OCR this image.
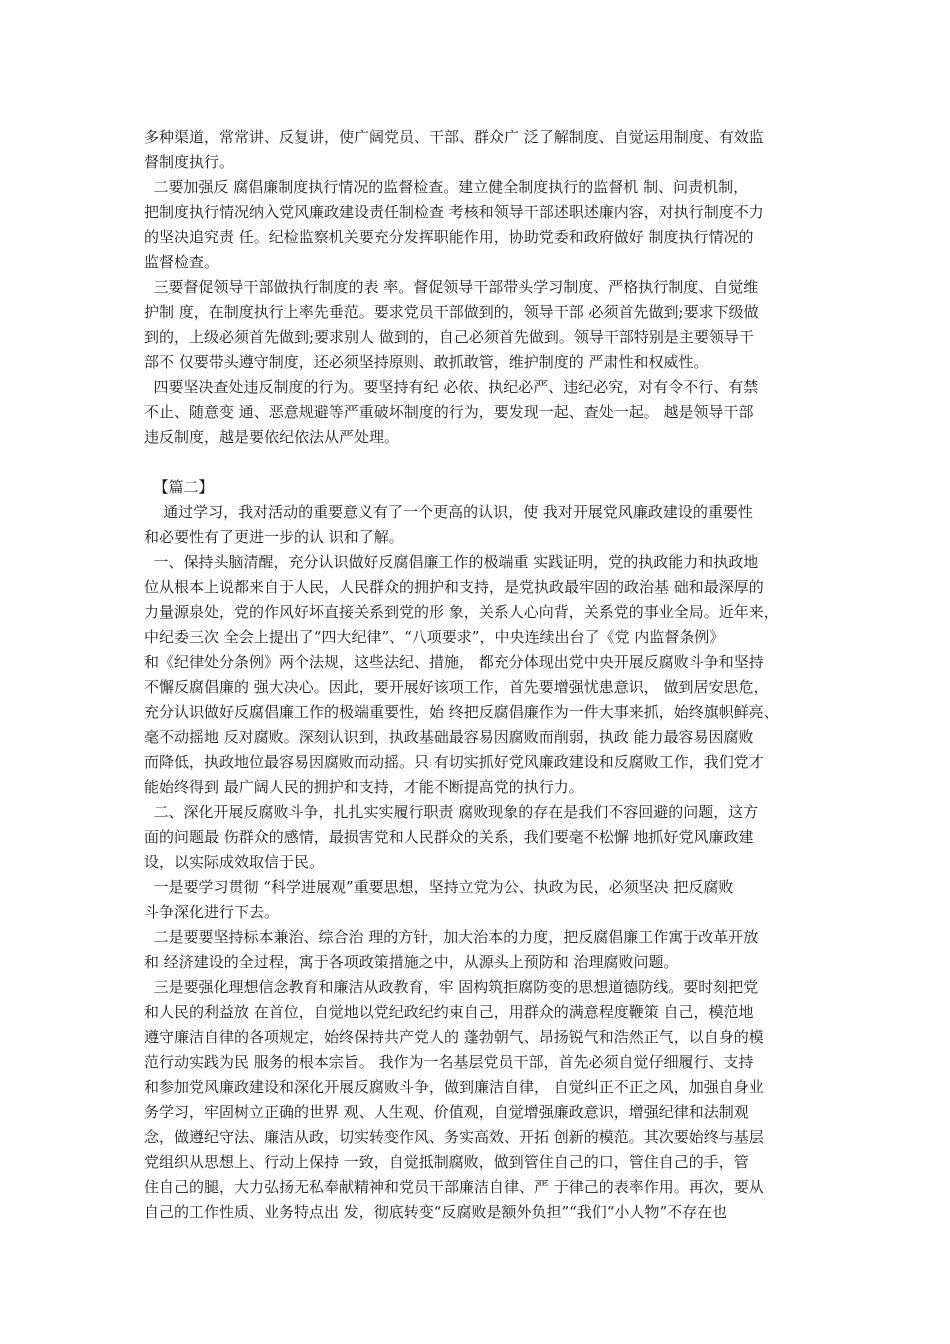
多种渠道，常常讲、反复讲，使广阔党员、干部、群众广 泛了解制度、自觉运用制度、有效监
督制度执行。
二要加强反 腐倡廉制度执行情况的监督检查。建立健全制度执行的监督机 制、问责机制，
把制度执行情况纳入党风廉政建设责任制检查 考核和领导干部述职述廉内容，对执行制度不力
的坚决追究责 任。纪检监察机关要充分发挥职能作用，协助党委和政府做好 制度执行情况的
监督检查。
三要督促领导干部做执行制度的表 率。督促领导干部带头学习制度、严格执行制度、自觉维
护制 度，在制度执行上率先垂范。要求党员干部做到的，领导干部 必须首先做到;要求下级做
到的，上级必须首先做到;要求别人 做到的，自己必须首先做到。领导干部特别是主要领导干
部不 仅要带头遵守制度，还必须坚持原则、敢抓敢管，维护制度的 严肃性和权威性。
四要坚决查处违反制度的行为。要坚持有纪 必依、执纪必严、违纪必究，对有令不行、有禁
不止、随意变 通、恶意规避等严重破坏制度的行为，要发现一起、查处一起。 越是领导干部
违反制度，越是要依纪依法从严处理。
【篇二】
通过学习，我对活动的重要意义有了一个更高的认识，使 我对开展党风廉政建设的重要性
和必要性有了更进一步的认 识和了解。
一、保持头脑清醒，充分认识做好反腐倡廉工作的极端重 实践证明，党的执政能力和执政地
位从根本上说都来自于人民，人民群众的拥护和支持，是党执政最牢固的政治基 础和最深厚的
力量源泉处，党的作风好坏直接关系到党的形 象，关系人心向背，关系党的事业全局。近年来，
中纪委三次 全会上提出了“四大纪律”、“八项要求”，中央连续出台了《党 内监督条例》
和《纪律处分条例》两个法规，这些法纪、措施， 都充分体现出党中央开展反腐败斗争和坚持
不懈反腐倡廉的 强大决心。因此，要开展好该项工作，首先要增强忧患意识， 做到居安思危，
充分认识做好反腐倡廉工作的极端重要性，始 终把反腐倡廉作为一件大事来抓，始终旗帜鲜亮、
毫不动摇地 反对腐败。深刻认识到，执政基础最容易因腐败而削弱，执政 能力最容易因腐败
而降低，执政地位最容易因腐败而动摇。只 有切实抓好党风廉政建设和反腐败工作，我们党才
能始终得到 最广阔人民的拥护和支持，才能不断提高党的执行力。
二、深化开展反腐败斗争，扎扎实实履行职责 腐败现象的存在是我们不容回避的问题，这方
面的问题最 伤群众的感情，最损害党和人民群众的关系，我们要毫不松懈 地抓好党风廉政建
设，以实际成效取信于民。
一是要学习贯彻 “科学进展观”重要思想，坚持立党为公、执政为民，必须坚决 把反腐败
斗争深化进行下去。
二是要要坚持标本兼治、综合治 理的方针，加大治本的力度，把反腐倡廉工作寓于改革开放
和 经济建设的全过程，寓于各项政策措施之中，从源头上预防和 治理腐败问题。
三是要强化理想信念教育和廉洁从政教育，牢 固构筑拒腐防变的思想道德防线。要时刻把党
和人民的利益放 在首位，自觉地以党纪政纪约束自己，用群众的满意程度鞭策 自己，模范地
遵守廉洁自律的各项规定，始终保持共产党人的 蓬勃朝气、昂扬锐气和浩然正气，以自身的模
范行动实践为民 服务的根本宗旨。 我作为一名基层党员干部，首先必须自觉仔细履行、支持
和参加党风廉政建设和深化开展反腐败斗争，做到廉洁自律， 自觉纠正不正之风，加强自身业
务学习，牢固树立正确的世界 观、人生观、价值观，自觉增强廉政意识，增强纪律和法制观
念，做遵纪守法、廉洁从政，切实转变作风、务实高效、开拓 创新的模范。其次要始终与基层
党组织从思想上、行动上保持 一致，自觉抵制腐败，做到管住自己的口，管住自己的手，管
住自己的腿，大力弘扬无私奉献精神和党员干部廉洁自律、严 于律己的表率作用。再次，要从
自己的工作性质、业务特点出 发，彻底转变“反腐败是额外负担”“我们“小人物”不存在也
